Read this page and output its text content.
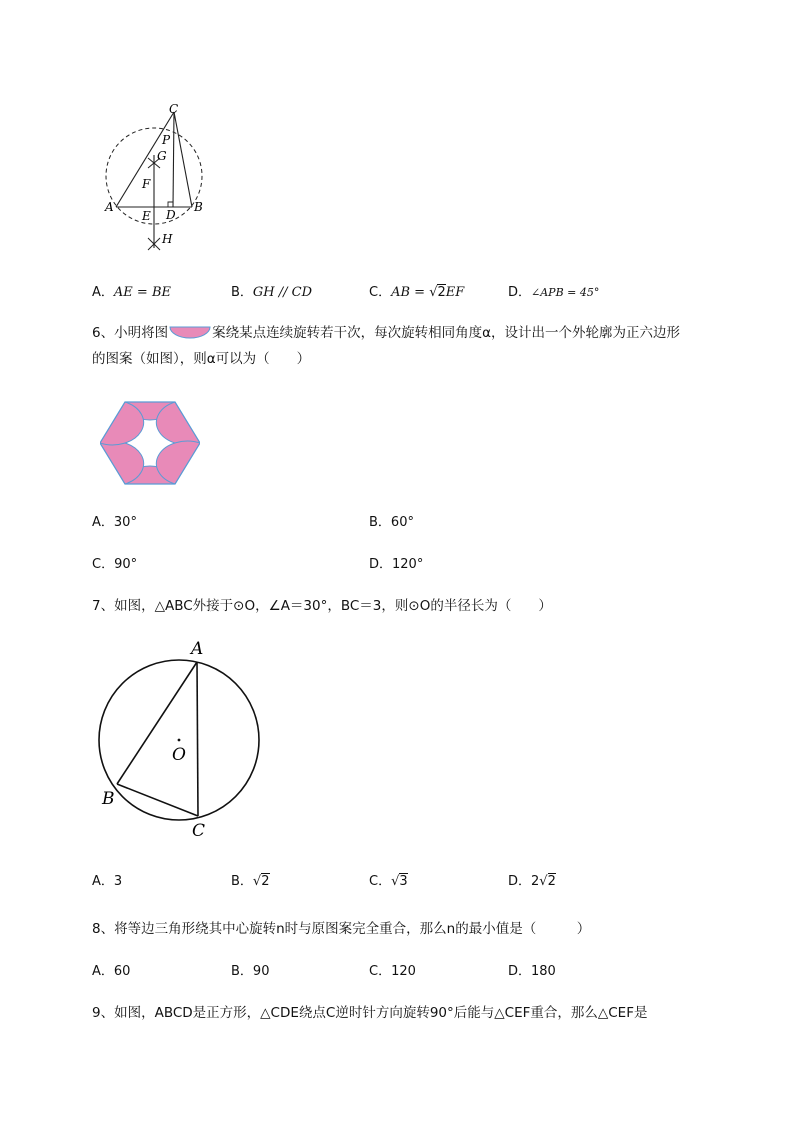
C
P
G
F
A
E D
B
H
A．AE = BE	B．GH // CD	C．AB = √2EF	D．∠APB = 45°
6、小明将图	案绕某点连续旋转若干次，每次旋转相同角度α，设计出一个外轮廓为正六边形
的图案（如图），则α可以为（　　）
A．30°	B．60°
C．90°	D．120°
7、如图，△ABC外接于⊙O，∠A＝30°，BC＝3，则⊙O的半径长为（　　）
A
O
B
C
A．3	B．√2	C．√3	D．2√2
8、将等边三角形绕其中心旋转n时与原图案完全重合，那么n的最小值是（　　　）
A．60	B．90	C．120	D．180
9、如图，ABCD是正方形，△CDE绕点C逆时针方向旋转90°后能与△CEF重合，那么△CEF是
